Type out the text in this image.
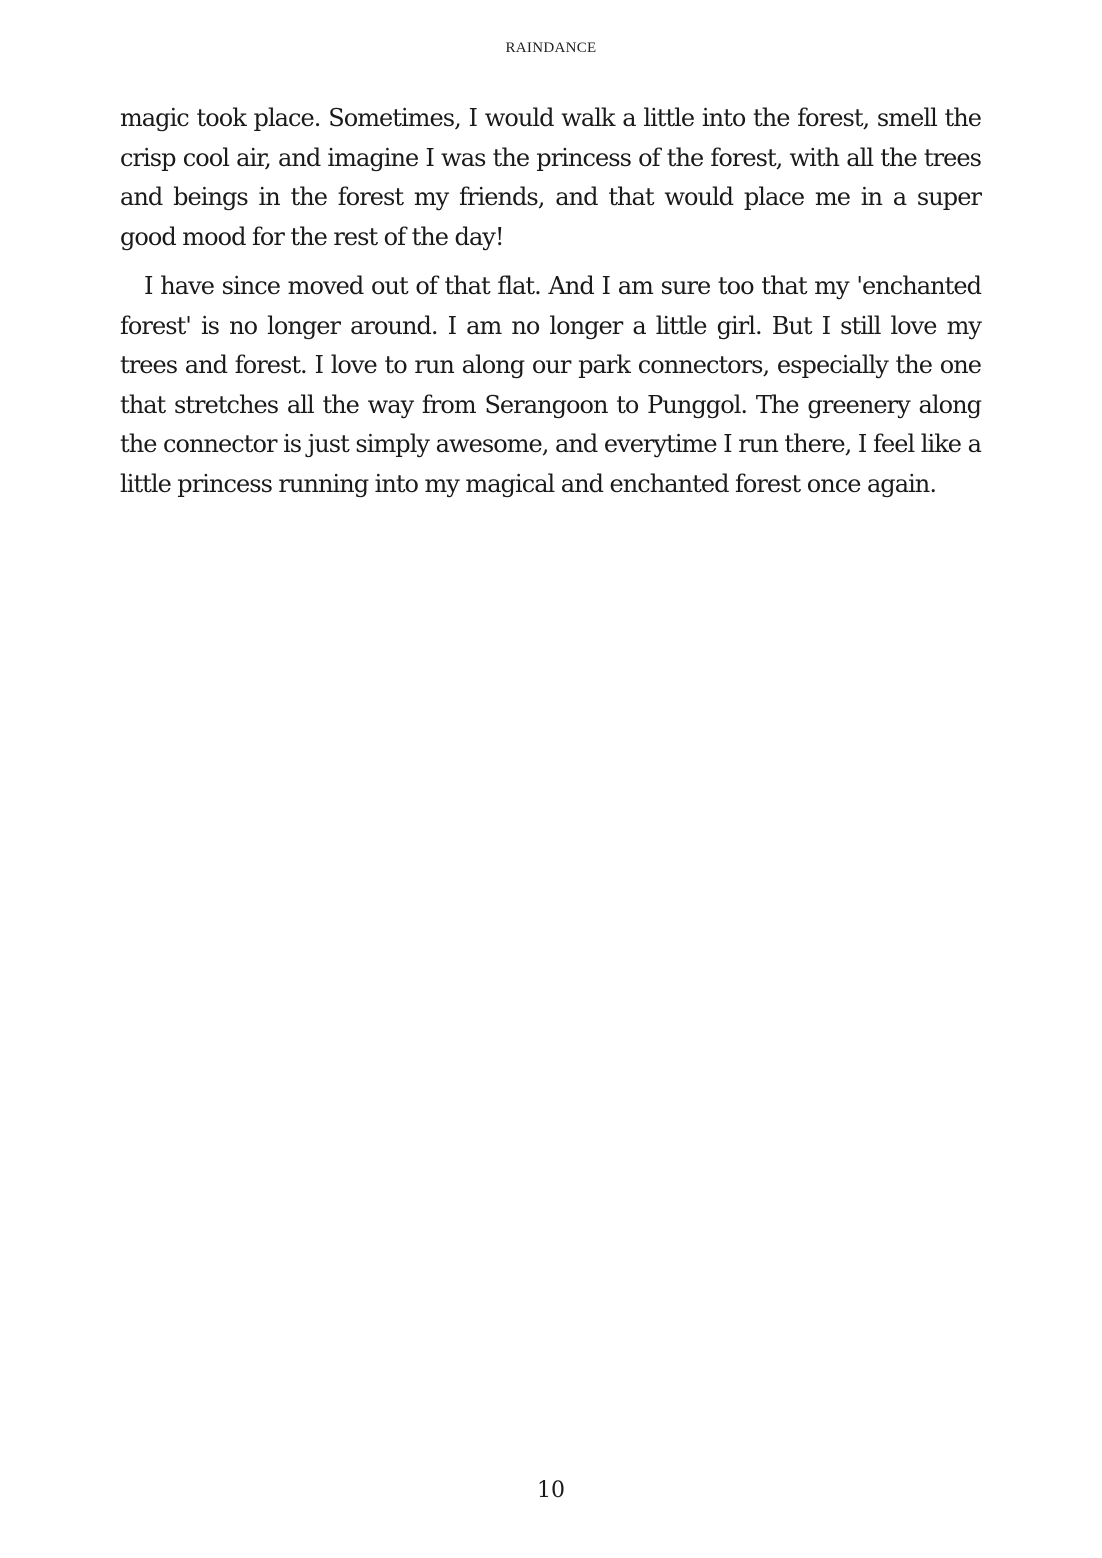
RAINDANCE

magic took place. Sometimes, I would walk a little into the forest, smell the crisp cool air, and imagine I was the princess of the forest, with all the trees and beings in the forest my friends, and that would place me in a super good mood for the rest of the day!

I have since moved out of that flat. And I am sure too that my 'enchanted forest' is no longer around. I am no longer a little girl. But I still love my trees and forest. I love to run along our park connectors, especially the one that stretches all the way from Serangoon to Punggol. The greenery along the connector is just simply awesome, and everytime I run there, I feel like a little princess running into my magical and enchanted forest once again.

10
